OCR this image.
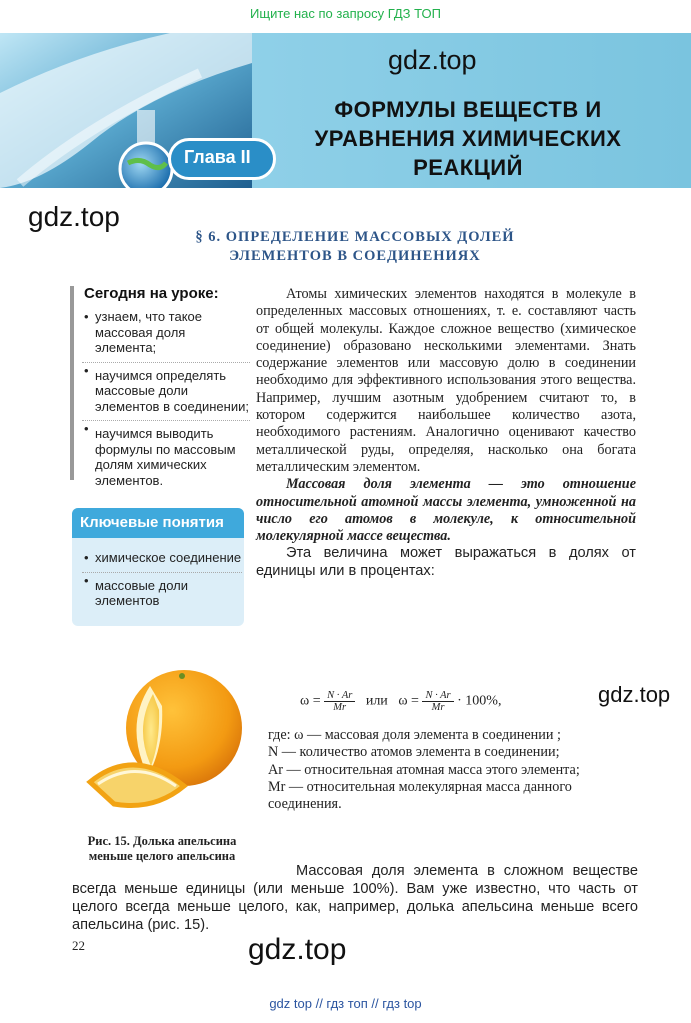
Ищите нас по запросу ГДЗ ТОП
Глава II
gdz.top
ФОРМУЛЫ ВЕЩЕСТВ И
УРАВНЕНИЯ ХИМИЧЕСКИХ
РЕАКЦИЙ
gdz.top
§ 6. ОПРЕДЕЛЕНИЕ МАССОВЫХ ДОЛЕЙ
ЭЛЕМЕНТОВ В СОЕДИНЕНИЯХ
Сегодня на уроке:
• узнаем, что такое массовая доля элемента;
• научимся определять массовые доли элементов в соединении;
• научимся выводить формулы по массовым долям химических элементов.
Ключевые понятия
• химическое соединение
• массовые доли элементов
Рис. 15. Долька апельсина
меньше целого апельсина

Атомы химических элементов находятся в молекуле в определенных массовых отношениях, т. е. составляют часть от общей молекулы. Каждое сложное вещество (химическое соединение) образовано несколькими элементами. Знать содержание элементов или массовую долю в соединении необходимо для эффективного использования этого вещества. Например, лучшим азотным удобрением считают то, в котором содержится наибольшее количество азота, необходимого растениям. Аналогично оценивают качество металлической руды, определяя, насколько она богата металлическим элементом.

Массовая доля элемента — это отношение относительной атомной массы элемента, умноженной на число его атомов в молекуле, к относительной молекулярной массе вещества.

Эта величина может выражаться в долях от единицы или в процентах:

$\omega = \frac{N \cdot Ar}{Mr}$ или $\omega = \frac{N \cdot Ar}{Mr} \cdot 100\%$,	gdz.top

где: ω — массовая доля элемента в соединении ;

N — количество атомов элемента в соединении;

Ar — относительная атомная масса этого элемента;

Mr — относительная молекулярная масса данного соединения.

Массовая доля элемента в сложном веществе всегда меньше единицы (или меньше 100%). Вам уже известно, что часть от целого всегда меньше целого, как, например, долька апельсина меньше всего апельсина (рис. 15).

22	gdz.top
gdz top // гдз топ // гдз top
